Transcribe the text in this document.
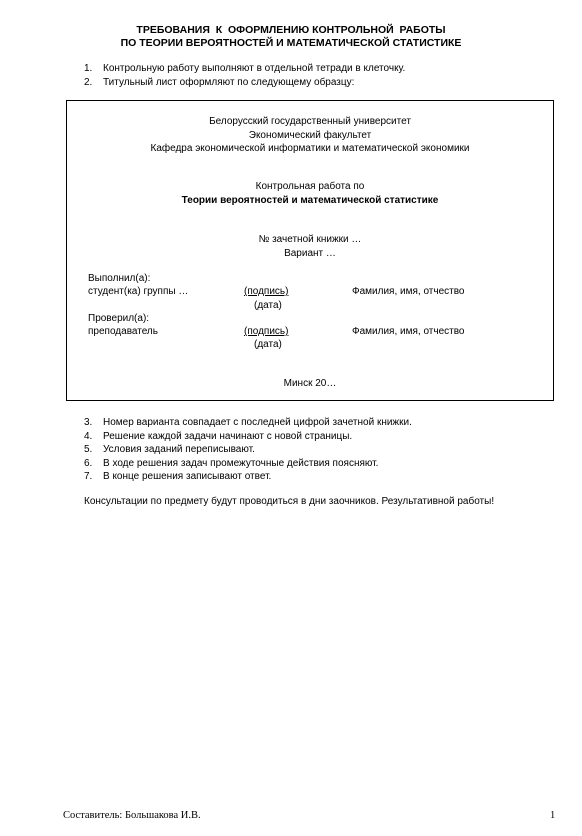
ТРЕБОВАНИЯ  К  ОФОРМЛЕНИЮ КОНТРОЛЬНОЙ  РАБОТЫ
ПО ТЕОРИИ ВЕРОЯТНОСТЕЙ И МАТЕМАТИЧЕСКОЙ СТАТИСТИКЕ
1. Контрольную работу выполняют в отдельной тетради в клеточку.
2. Титульный лист оформляют по следующему образцу:
Белорусский государственный университет
Экономический факультет
Кафедра экономической информатики и математической экономики
Контрольная работа по
Теории вероятностей и математической статистике
№ зачетной книжки …
Вариант …
Выполнил(а):
студент(ка) группы …	(подпись)	Фамилия, имя, отчество
(дата)
Проверил(а):
преподаватель	(подпись)	Фамилия, имя, отчество
(дата)
Минск 20…
3. Номер варианта совпадает с последней цифрой зачетной книжки.
4. Решение каждой задачи начинают с новой страницы.
5. Условия заданий переписывают.
6. В ходе решения задач промежуточные действия поясняют.
7. В конце решения записывают ответ.
Консультации по предмету будут проводиться в дни заочников. Результативной работы!
Составитель: Большакова И.В.	1
